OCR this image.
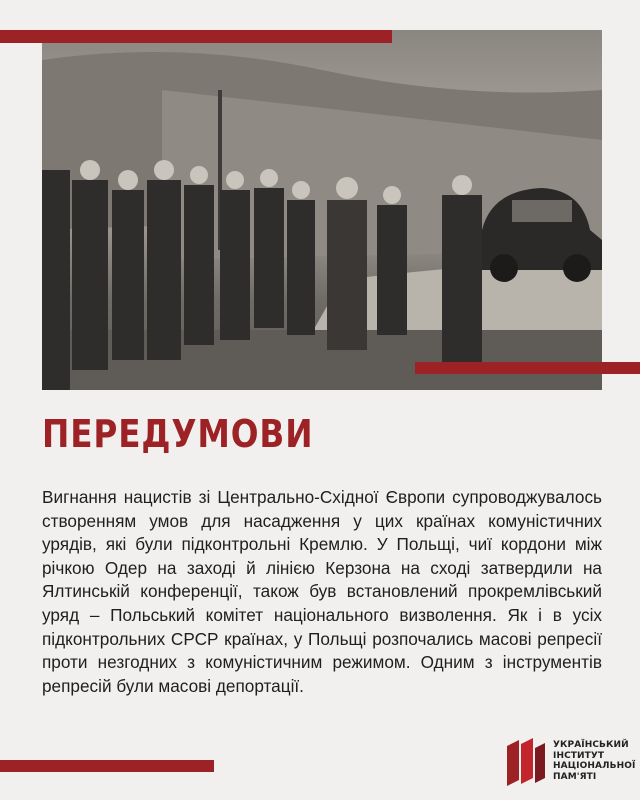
ПЕРЕДУМОВИ

Вигнання нацистів зі Центрально-Східної Європи супроводжувалось створенням умов для насадження у цих країнах комуністичних урядів, які були підконтрольні Кремлю. У Польщі, чиї кордони між річкою Одер на заході й лінією Керзона на сході затвердили на Ялтинській конференції, також був встановлений прокремлівський уряд – Польський комітет національного визволення. Як і в усіх підконтрольних СРСР країнах, у Польщі розпочались масові репресії проти незгодних з комуністичним режимом. Одним з інструментів репресій були масові депортації.

УКРАЇНСЬКИЙ
ІНСТИТУТ
НАЦІОНАЛЬНОЇ
ПАМ'ЯТІ
